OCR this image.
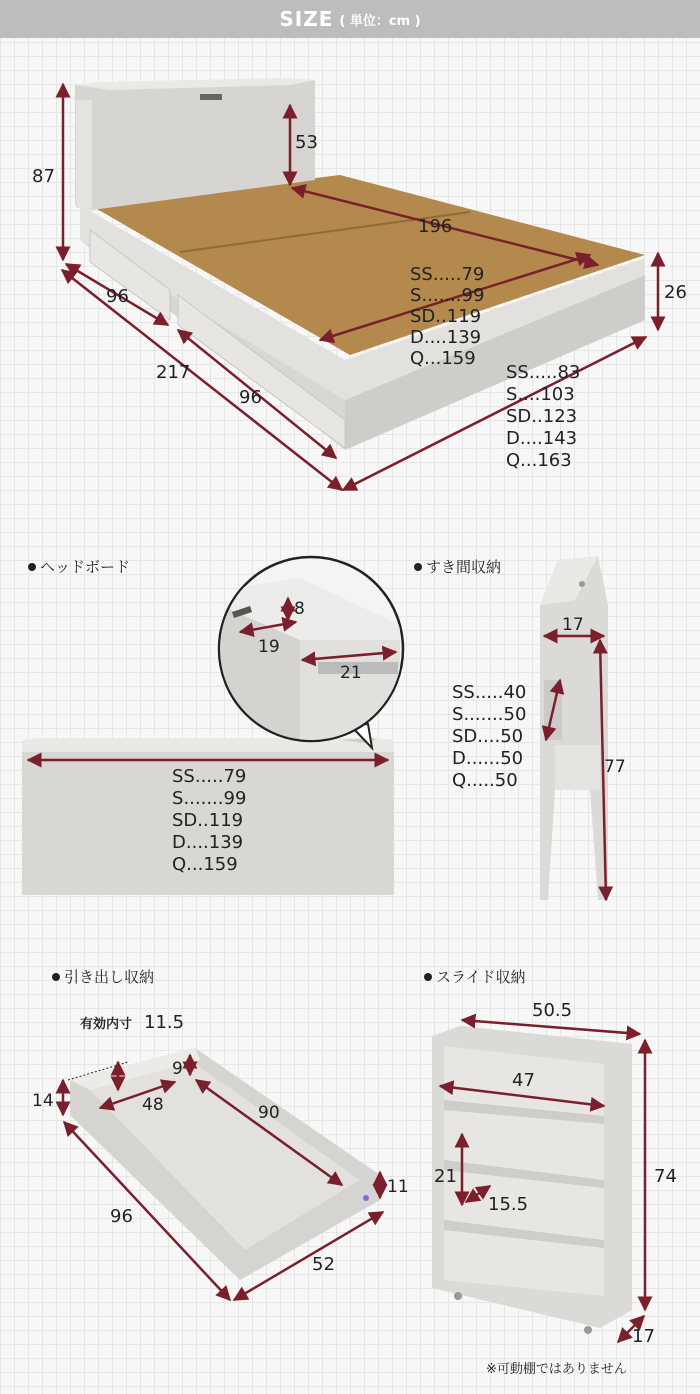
SIZE ( 単位：cm )
87
53
196
26
96
217
96
SS.....79
S.......99
SD..119
D....139
Q...159
SS.....83
S....103
SD..123
D....143
Q...163
8
19
21
SS.....79
S.......99
SD..119
D....139
Q...159
17
77
SS.....40
S.......50
SD....50
D......50
Q.....50
有効内寸 11.5
9
48	90
14
11
96
52
50.5
47
21
15.5
74
17
ヘッドボード	すき間収納
引き出し収納	スライド収納
※可動棚ではありません
